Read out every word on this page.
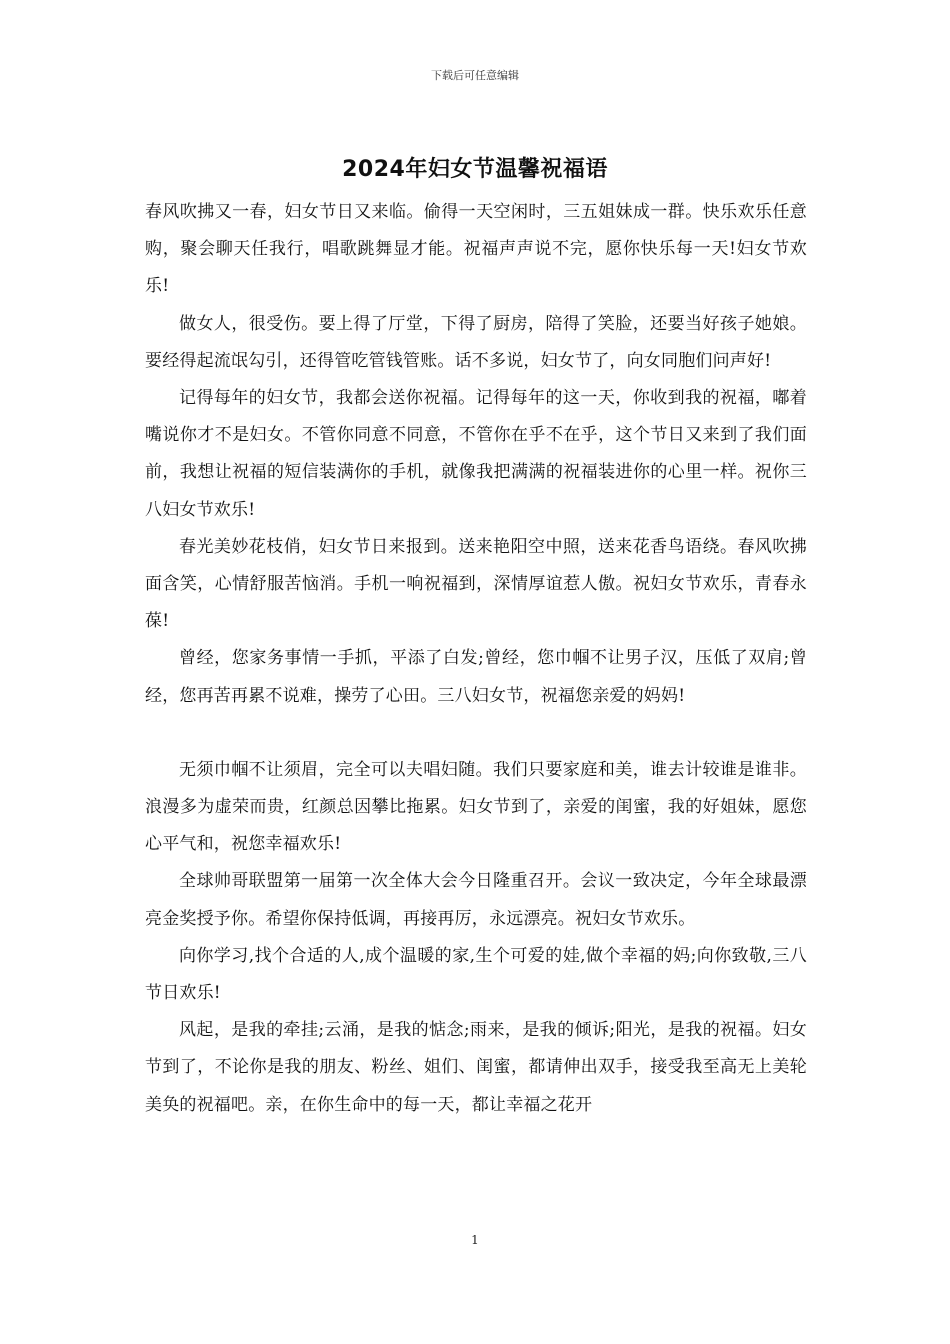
下载后可任意编辑
2024年妇女节温馨祝福语

春风吹拂又一春，妇女节日又来临。偷得一天空闲时，三五姐妹成一群。快乐欢乐任意购，聚会聊天任我行，唱歌跳舞显才能。祝福声声说不完，愿你快乐每一天!妇女节欢乐!

做女人，很受伤。要上得了厅堂，下得了厨房，陪得了笑脸，还要当好孩子她娘。要经得起流氓勾引，还得管吃管钱管账。话不多说，妇女节了，向女同胞们问声好!

记得每年的妇女节，我都会送你祝福。记得每年的这一天，你收到我的祝福，嘟着嘴说你才不是妇女。不管你同意不同意，不管你在乎不在乎，这个节日又来到了我们面前，我想让祝福的短信装满你的手机，就像我把满满的祝福装进你的心里一样。祝你三八妇女节欢乐!

春光美妙花枝俏，妇女节日来报到。送来艳阳空中照，送来花香鸟语绕。春风吹拂面含笑，心情舒服苦恼消。手机一响祝福到，深情厚谊惹人傲。祝妇女节欢乐，青春永葆!

曾经，您家务事情一手抓，平添了白发;曾经，您巾帼不让男子汉，压低了双肩;曾经，您再苦再累不说难，操劳了心田。三八妇女节，祝福您亲爱的妈妈!

无须巾帼不让须眉，完全可以夫唱妇随。我们只要家庭和美，谁去计较谁是谁非。浪漫多为虚荣而贵，红颜总因攀比拖累。妇女节到了，亲爱的闺蜜，我的好姐妹，愿您心平气和，祝您幸福欢乐!

全球帅哥联盟第一届第一次全体大会今日隆重召开。会议一致决定，今年全球最漂亮金奖授予你。希望你保持低调，再接再厉，永远漂亮。祝妇女节欢乐。

向你学习,找个合适的人,成个温暖的家,生个可爱的娃,做个幸福的妈;向你致敬,三八节日欢乐!

风起，是我的牵挂;云涌，是我的惦念;雨来，是我的倾诉;阳光，是我的祝福。妇女节到了，不论你是我的朋友、粉丝、姐们、闺蜜，都请伸出双手，接受我至高无上美轮美奂的祝福吧。亲，在你生命中的每一天，都让幸福之花开

1
